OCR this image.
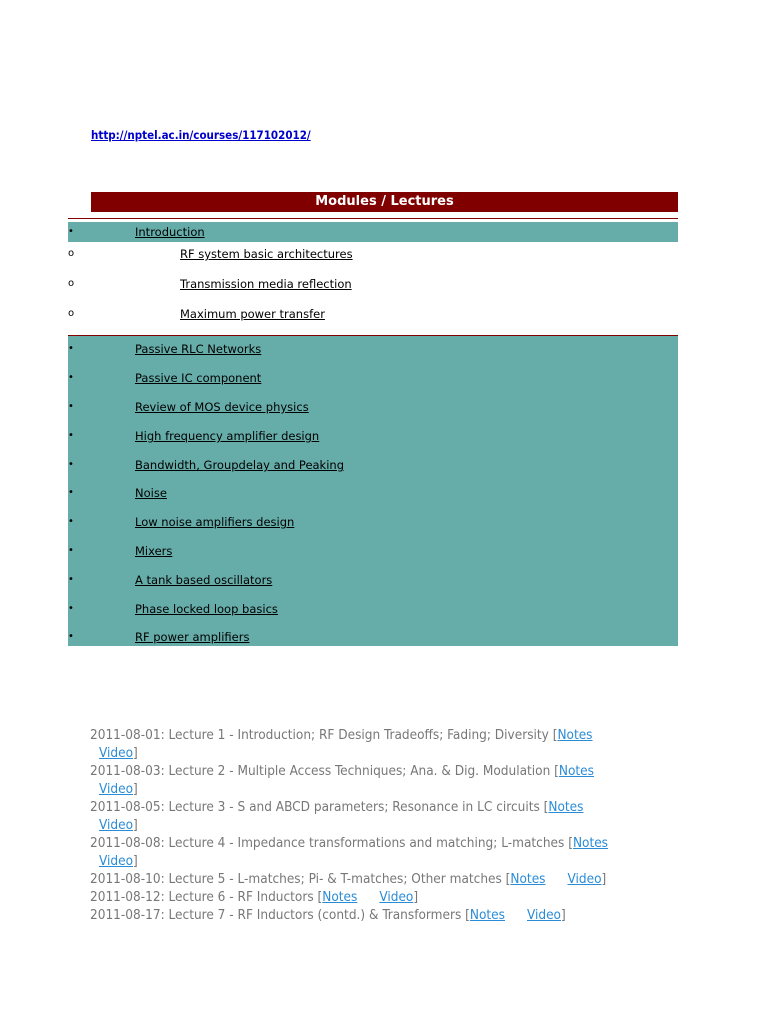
http://nptel.ac.in/courses/117102012/
Modules / Lectures
•	Introduction
o	RF system basic architectures
o	Transmission media reflection
o	Maximum power transfer
•	Passive RLC Networks
•	Passive IC component
•	Review of MOS device physics
•	High frequency amplifier design
•	Bandwidth, Groupdelay and Peaking
•	Noise
•	Low noise amplifiers design
•	Mixers
•	A tank based oscillators
•	Phase locked loop basics
•	RF power amplifiers
2011-08-01: Lecture 1 - Introduction; RF Design Tradeoffs; Fading; Diversity [Notes
Video]
2011-08-03: Lecture 2 - Multiple Access Techniques; Ana. & Dig. Modulation [Notes
Video]
2011-08-05: Lecture 3 - S and ABCD parameters; Resonance in LC circuits [Notes
Video]
2011-08-08: Lecture 4 - Impedance transformations and matching; L-matches [Notes
Video]
2011-08-10: Lecture 5 - L-matches; Pi- & T-matches; Other matches [Notes Video]
2011-08-12: Lecture 6 - RF Inductors [Notes Video]
2011-08-17: Lecture 7 - RF Inductors (contd.) & Transformers [Notes Video]
